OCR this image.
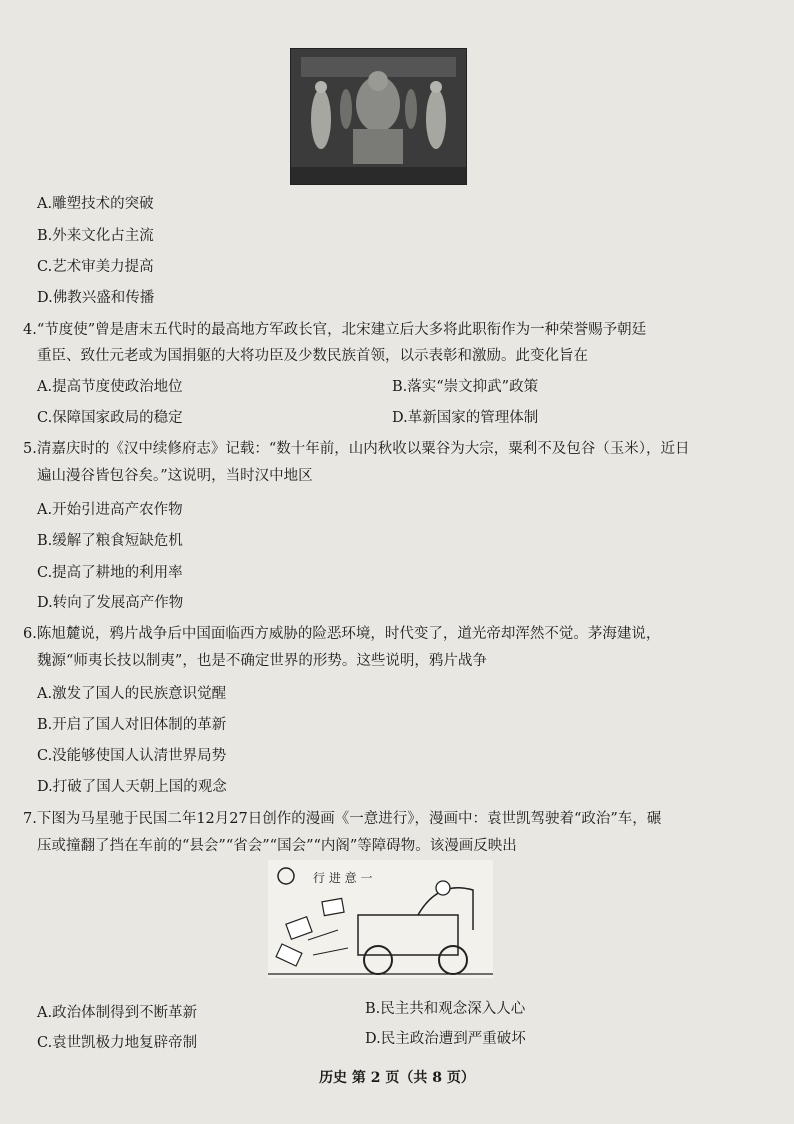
A.雕塑技术的突破
B.外来文化占主流
C.艺术审美力提高
D.佛教兴盛和传播
4.“节度使”曾是唐末五代时的最高地方军政长官，北宋建立后大多将此职衔作为一种荣誉赐予朝廷
重臣、致仕元老或为国捐躯的大将功臣及少数民族首领，以示表彰和激励。此变化旨在
A.提高节度使政治地位	B.落实“崇文抑武”政策
C.保障国家政局的稳定	D.革新国家的管理体制
5.清嘉庆时的《汉中续修府志》记载：“数十年前，山内秋收以粟谷为大宗，粟利不及包谷（玉米），近日
遍山漫谷皆包谷矣。”这说明，当时汉中地区
A.开始引进高产农作物
B.缓解了粮食短缺危机
C.提高了耕地的利用率
D.转向了发展高产作物
6.陈旭麓说，鸦片战争后中国面临西方威胁的险恶环境，时代变了，道光帝却浑然不觉。茅海建说，
魏源“师夷长技以制夷”，也是不确定世界的形势。这些说明，鸦片战争
A.激发了国人的民族意识觉醒
B.开启了国人对旧体制的革新
C.没能够使国人认清世界局势
D.打破了国人天朝上国的观念
7.下图为马星驰于民国二年12月27日创作的漫画《一意进行》，漫画中：袁世凯驾驶着“政治”车，碾
压或撞翻了挡在车前的“县会”“省会”“国会”“内阁”等障碍物。该漫画反映出
行 进 意 一
A.政治体制得到不断革新	B.民主共和观念深入人心
C.袁世凯极力地复辟帝制	D.民主政治遭到严重破坏
历史 第 2 页（共 8 页）
